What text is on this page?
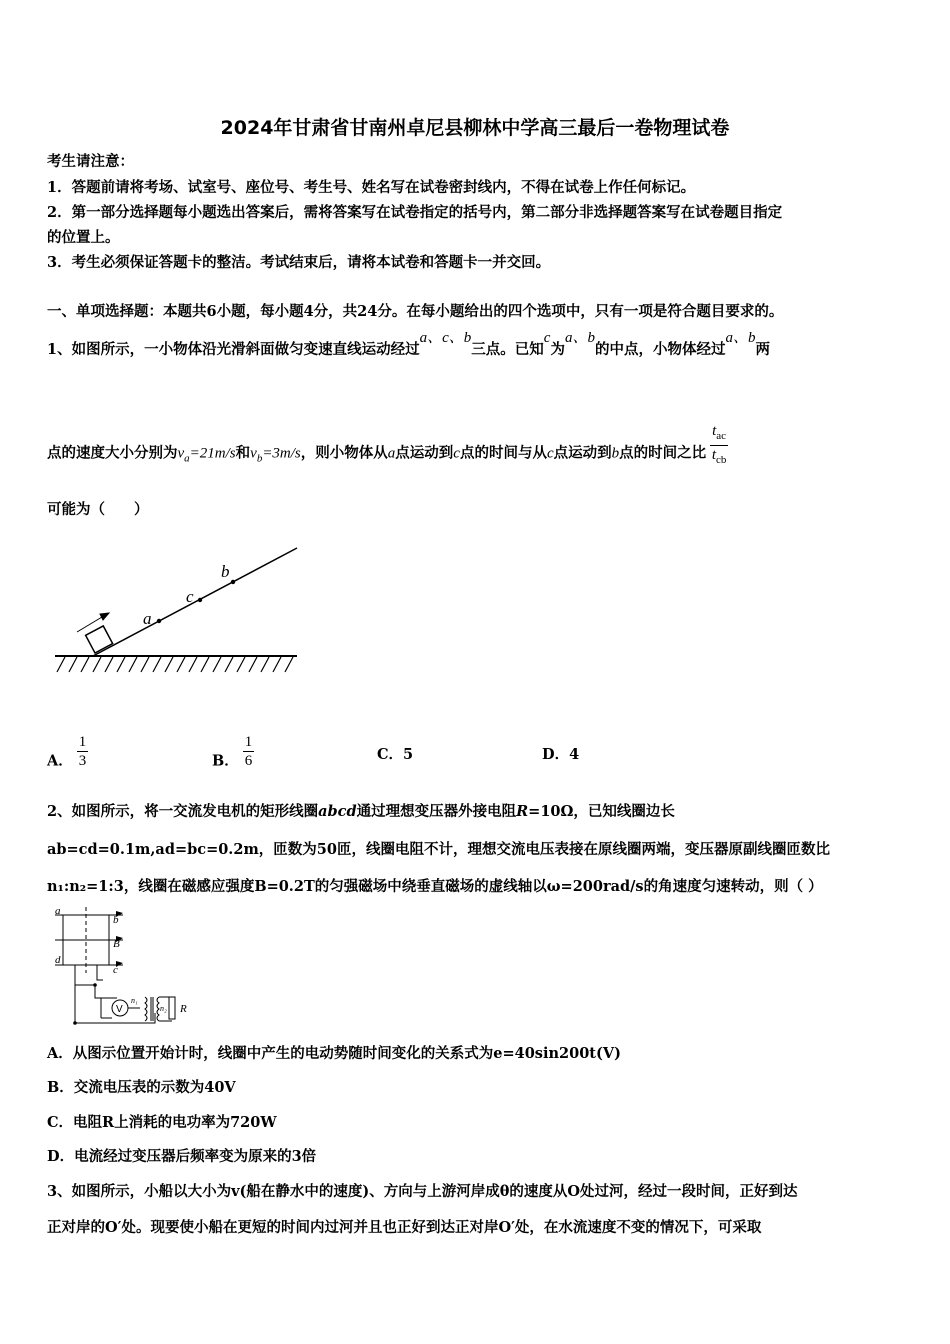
2024年甘肃省甘南州卓尼县柳林中学高三最后一卷物理试卷
考生请注意：
1．答题前请将考场、试室号、座位号、考生号、姓名写在试卷密封线内，不得在试卷上作任何标记。
2．第一部分选择题每小题选出答案后，需将答案写在试卷指定的括号内，第二部分非选择题答案写在试卷题目指定
的位置上。
3．考生必须保证答题卡的整洁。考试结束后，请将本试卷和答题卡一并交回。
一、单项选择题：本题共6小题，每小题4分，共24分。在每小题给出的四个选项中，只有一项是符合题目要求的。
1、如图所示，一小物体沿光滑斜面做匀变速直线运动经过a、c、b三点。已知c为a、b的中点，小物体经过a、b两
点的速度大小分别为$v_a=21m/s$和$v_b=3m/s$，则小物体从a点运动到c点的时间与从c点运动到b点的时间之比 $\frac{t_{ac}}{t_{cb}}$
可能为（　　）
a
c
b
A． $\frac{1}{3}$	B． $\frac{1}{6}$	C．5	D．4
2、如图所示，将一交流发电机的矩形线圈abcd通过理想变压器外接电阻R=10Ω，已知线圈边长
ab=cd=0.1m,ad=bc=0.2m，匝数为50匝，线圈电阻不计，理想交流电压表接在原线圈两端，变压器原副线圈匝数比
n₁:n₂=1:3，线圈在磁感应强度B=0.2T的匀强磁场中绕垂直磁场的虚线轴以ω=200rad/s的角速度匀速转动，则（ ）
a
b
B
d
c
V
n₁
n₂ R
A．从图示位置开始计时，线圈中产生的电动势随时间变化的关系式为e=40sin200t(V)
B．交流电压表的示数为40V
C．电阻R上消耗的电功率为720W
D．电流经过变压器后频率变为原来的3倍
3、如图所示，小船以大小为v(船在静水中的速度)、方向与上游河岸成θ的速度从O处过河，经过一段时间，正好到达
正对岸的O′处。现要使小船在更短的时间内过河并且也正好到达正对岸O′处，在水流速度不变的情况下，可采取
